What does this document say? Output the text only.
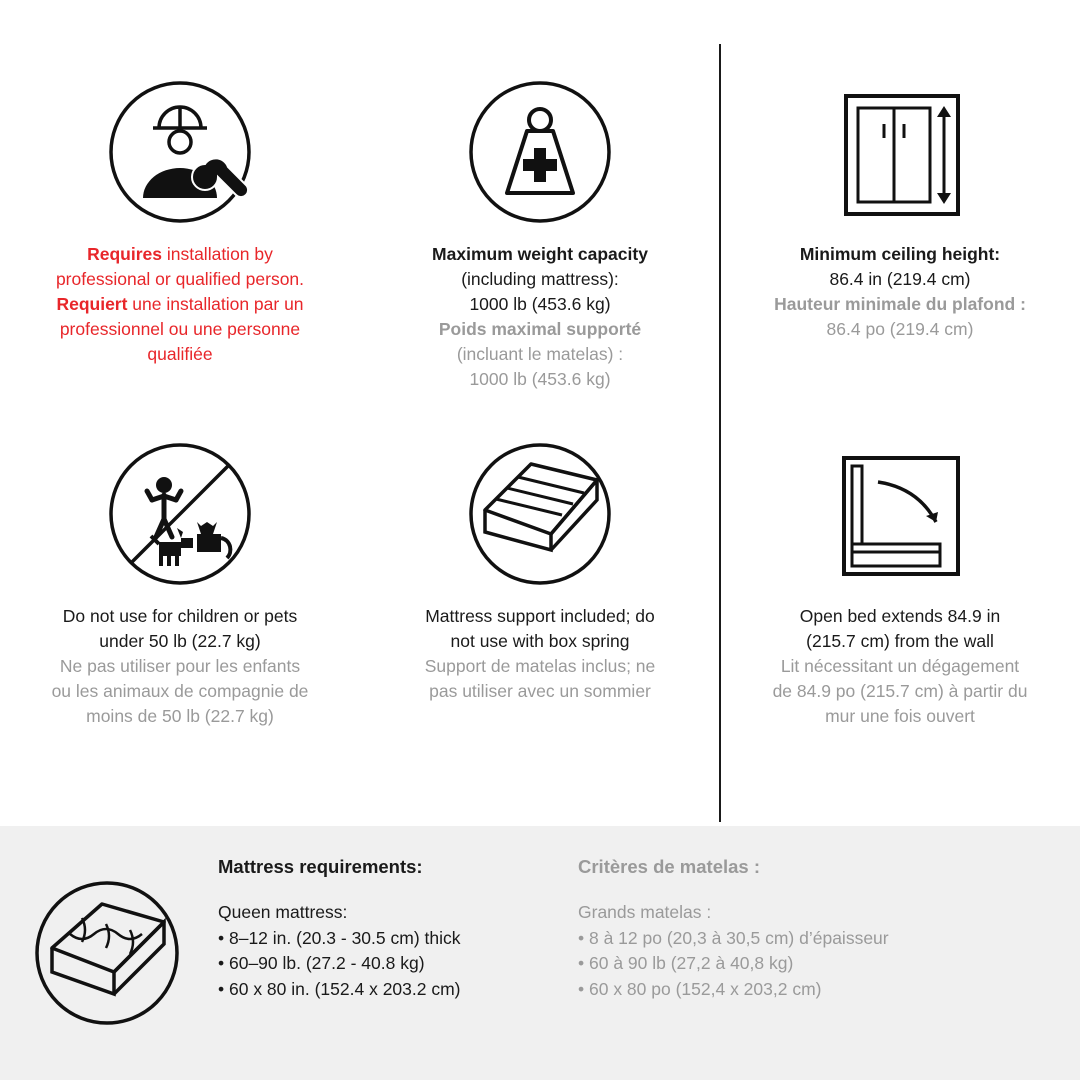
Requires installation by
professional or qualified person.
Requiert une installation par un
professionnel ou une personne
qualifiée
Maximum weight capacity
(including mattress):
1000 lb (453.6 kg)
Poids maximal supporté
(incluant le matelas) :
1000 lb (453.6 kg)
Minimum ceiling height:
86.4 in (219.4 cm)
Hauteur minimale du plafond :
86.4 po (219.4 cm)
Do not use for children or pets
under 50 lb (22.7 kg)
Ne pas utiliser pour les enfants
ou les animaux de compagnie de
moins de 50 lb (22.7 kg)
Mattress support included; do
not use with box spring
Support de matelas inclus; ne
pas utiliser avec un sommier
Open bed extends 84.9 in
(215.7 cm) from the wall
Lit nécessitant un dégagement
de 84.9 po (215.7 cm) à partir du
mur une fois ouvert
Mattress requirements:
Queen mattress:
• 8–12 in. (20.3 - 30.5 cm) thick
• 60–90 lb. (27.2 - 40.8 kg)
• 60 x 80 in. (152.4 x 203.2 cm)
Critères de matelas :
Grands matelas :
• 8 à 12 po (20,3 à 30,5 cm) d’épaisseur
• 60 à 90 lb (27,2 à 40,8 kg)
• 60 x 80 po (152,4 x 203,2 cm)
